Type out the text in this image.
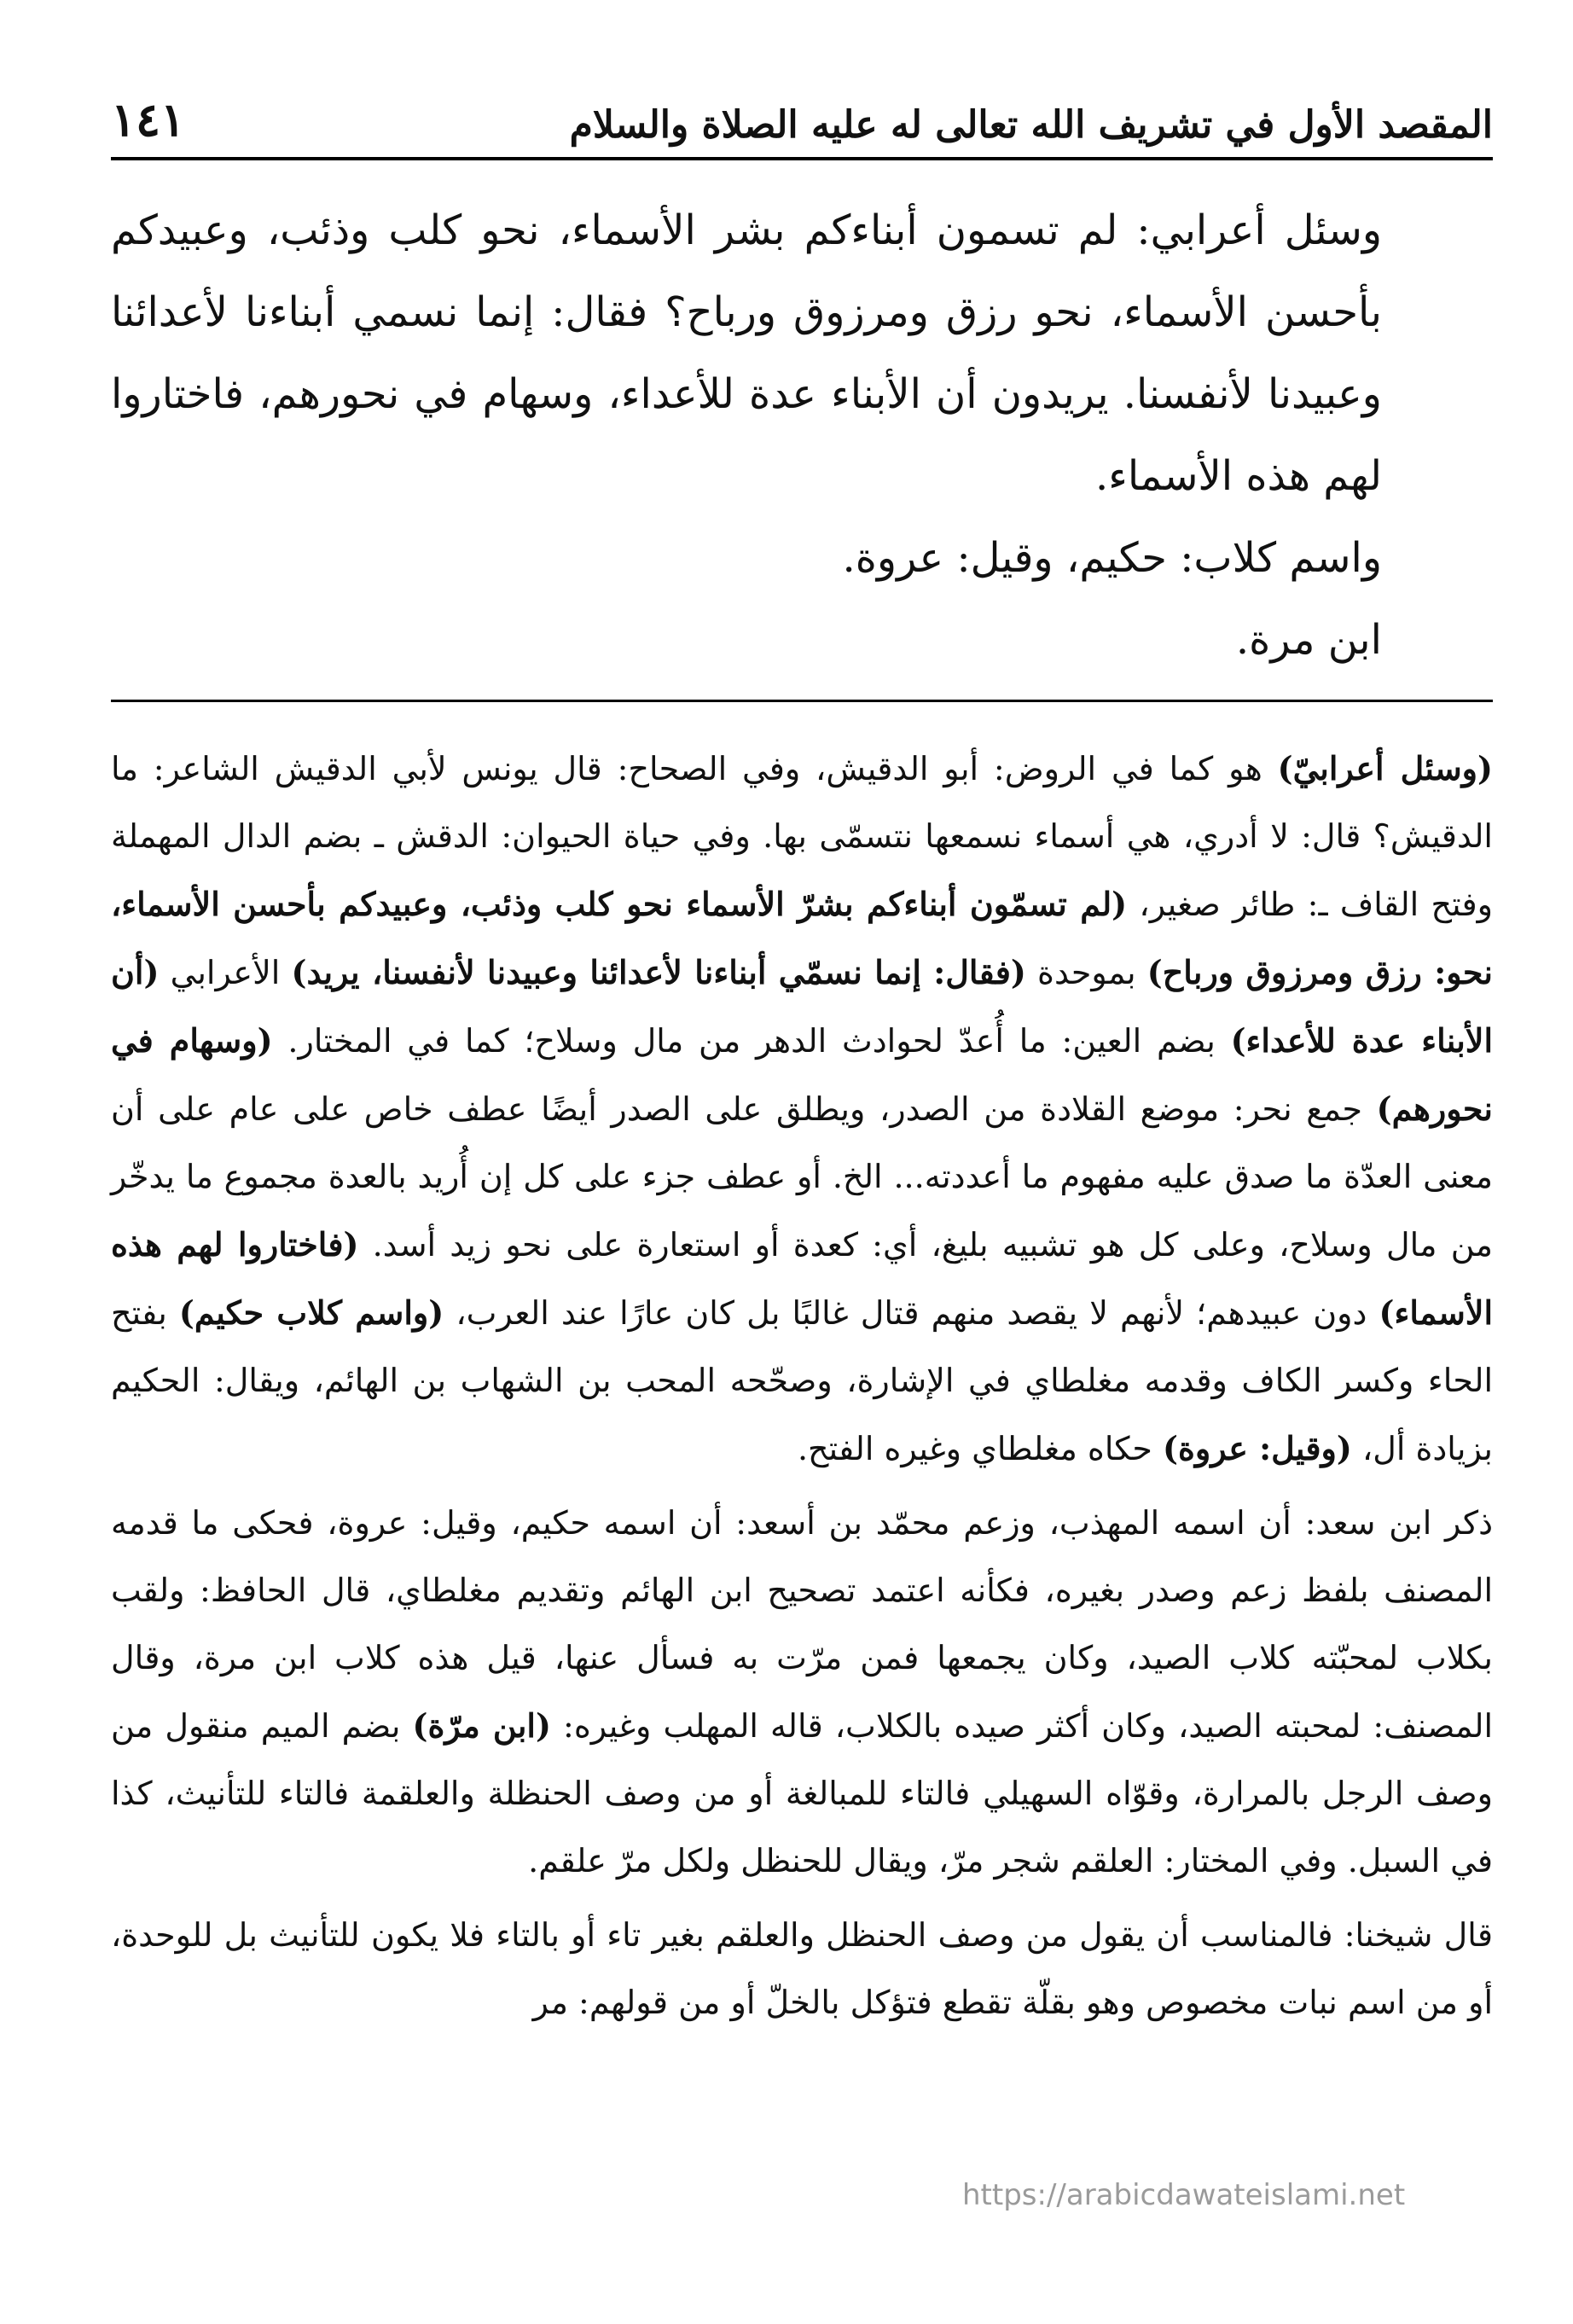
المقصد الأول في تشريف الله تعالى له عليه الصلاة والسلام
١٤١

وسئل أعرابي: لم تسمون أبناءكم بشر الأسماء، نحو كلب وذئب، وعبيدكم بأحسن الأسماء، نحو رزق ومرزوق ورباح؟ فقال: إنما نسمي أبناءنا لأعدائنا وعبيدنا لأنفسنا. يريدون أن الأبناء عدة للأعداء، وسهام في نحورهم، فاختاروا لهم هذه الأسماء.

واسم كلاب: حكيم، وقيل: عروة.

ابن مرة.

(وسئل أعرابيّ) هو كما في الروض: أبو الدقيش، وفي الصحاح: قال يونس لأبي الدقيش الشاعر: ما الدقيش؟ قال: لا أدري، هي أسماء نسمعها نتسمّى بها. وفي حياة الحيوان: الدقش ـ بضم الدال المهملة وفتح القاف ـ: طائر صغير، (لم تسمّون أبناءكم بشرّ الأسماء نحو كلب وذئب، وعبيدكم بأحسن الأسماء، نحو: رزق ومرزوق ورباح) بموحدة (فقال: إنما نسمّي أبناءنا لأعدائنا وعبيدنا لأنفسنا، يريد) الأعرابي (أن الأبناء عدة للأعداء) بضم العين: ما أُعدّ لحوادث الدهر من مال وسلاح؛ كما في المختار. (وسهام في نحورهم) جمع نحر: موضع القلادة من الصدر، ويطلق على الصدر أيضًا عطف خاص على عام على أن معنى العدّة ما صدق عليه مفهوم ما أعددته... الخ. أو عطف جزء على كل إن أُريد بالعدة مجموع ما يدخّر من مال وسلاح، وعلى كل هو تشبيه بليغ، أي: كعدة أو استعارة على نحو زيد أسد. (فاختاروا لهم هذه الأسماء) دون عبيدهم؛ لأنهم لا يقصد منهم قتال غالبًا بل كان عارًا عند العرب، (واسم كلاب حكيم) بفتح الحاء وكسر الكاف وقدمه مغلطاي في الإشارة، وصحّحه المحب بن الشهاب بن الهائم، ويقال: الحكيم بزيادة أل، (وقيل: عروة) حكاه مغلطاي وغيره الفتح.

ذكر ابن سعد: أن اسمه المهذب، وزعم محمّد بن أسعد: أن اسمه حكيم، وقيل: عروة، فحكى ما قدمه المصنف بلفظ زعم وصدر بغيره، فكأنه اعتمد تصحيح ابن الهائم وتقديم مغلطاي، قال الحافظ: ولقب بكلاب لمحبّته كلاب الصيد، وكان يجمعها فمن مرّت به فسأل عنها، قيل هذه كلاب ابن مرة، وقال المصنف: لمحبته الصيد، وكان أكثر صيده بالكلاب، قاله المهلب وغيره: (ابن مرّة) بضم الميم منقول من وصف الرجل بالمرارة، وقوّاه السهيلي فالتاء للمبالغة أو من وصف الحنظلة والعلقمة فالتاء للتأنيث، كذا في السبل. وفي المختار: العلقم شجر مرّ، ويقال للحنظل ولكل مرّ علقم.

قال شيخنا: فالمناسب أن يقول من وصف الحنظل والعلقم بغير تاء أو بالتاء فلا يكون للتأنيث بل للوحدة، أو من اسم نبات مخصوص وهو بقلّة تقطع فتؤكل بالخلّ أو من قولهم: مر

https://arabicdawateislami.net
